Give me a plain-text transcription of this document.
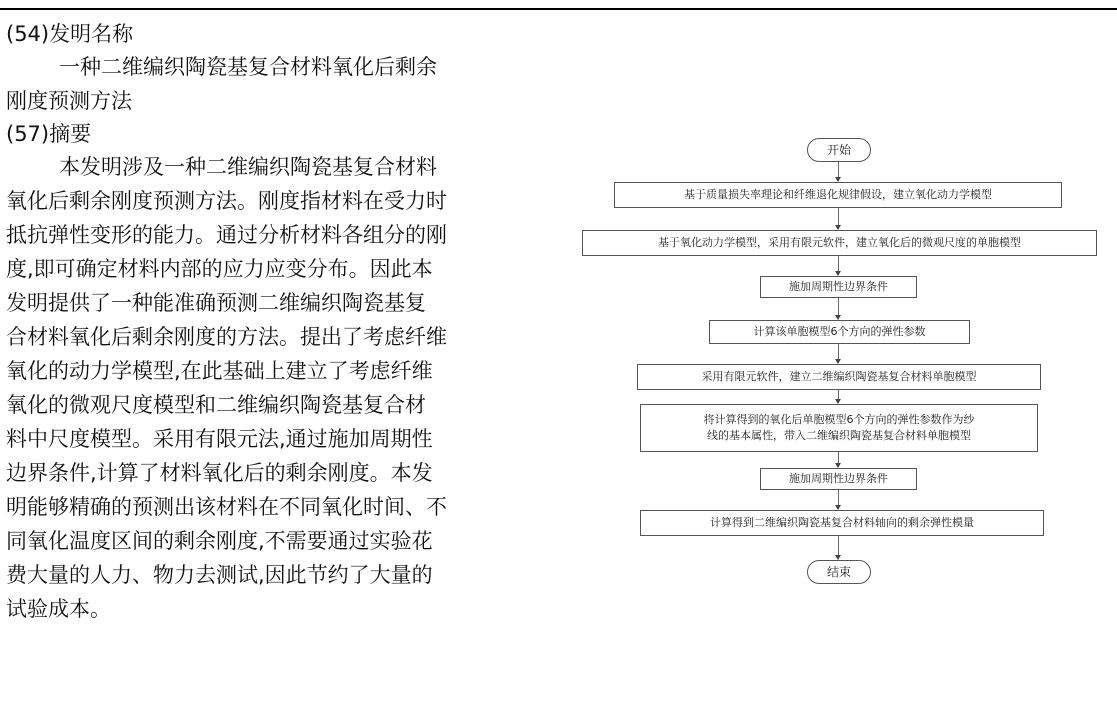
(54)发明名称

一种二维编织陶瓷基复合材料氧化后剩余
刚度预测方法

(57)摘要

本发明涉及一种二维编织陶瓷基复合材料
氧化后剩余刚度预测方法。刚度指材料在受力时
抵抗弹性变形的能力。通过分析材料各组分的刚
度,即可确定材料内部的应力应变分布。因此本
发明提供了一种能准确预测二维编织陶瓷基复
合材料氧化后剩余刚度的方法。提出了考虑纤维
氧化的动力学模型,在此基础上建立了考虑纤维
氧化的微观尺度模型和二维编织陶瓷基复合材
料中尺度模型。采用有限元法,通过施加周期性
边界条件,计算了材料氧化后的剩余刚度。本发
明能够精确的预测出该材料在不同氧化时间、不
同氧化温度区间的剩余刚度,不需要通过实验花
费大量的人力、物力去测试,因此节约了大量的
试验成本。

开始
基于质量损失率理论和纤维退化规律假设，建立氧化动力学模型
基于氧化动力学模型，采用有限元软件，建立氧化后的微观尺度的单胞模型
施加周期性边界条件
计算该单胞模型6个方向的弹性参数
采用有限元软件，建立二维编织陶瓷基复合材料单胞模型
将计算得到的氧化后单胞模型6个方向的弹性参数作为纱
线的基本属性，带入二维编织陶瓷基复合材料单胞模型
施加周期性边界条件
计算得到二维编织陶瓷基复合材料轴向的剩余弹性模量
结束
